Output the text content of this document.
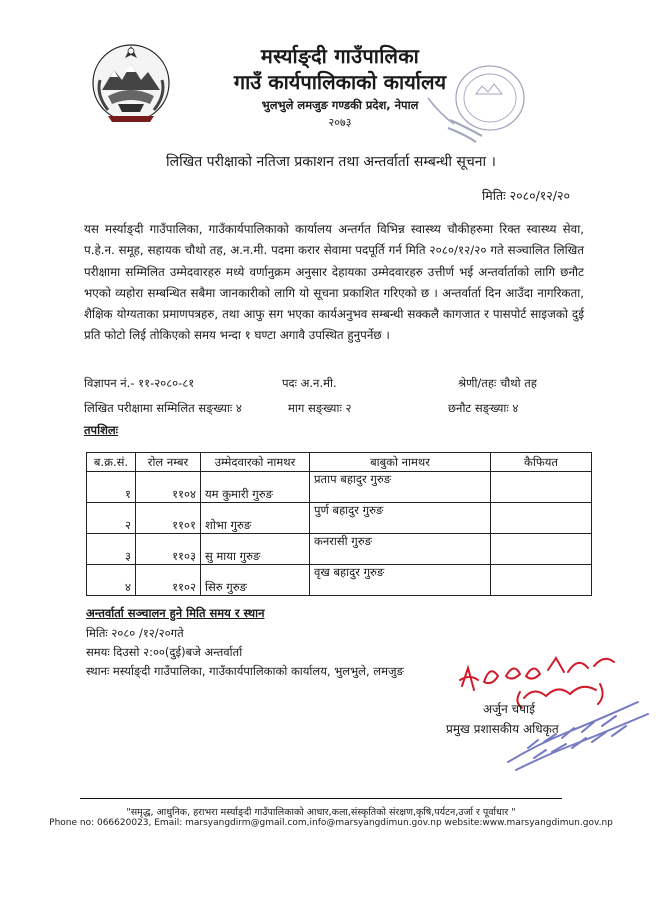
मर्स्याङ्दी गाउँपालिका
गाउँ कार्यपालिकाको कार्यालय
भुलभुले लमजुङ गण्डकी प्रदेश, नेपाल
२०७३
लिखित परीक्षाको नतिजा प्रकाशन तथा अन्तर्वार्ता सम्बन्धी सूचना ।
मितिः २०८०/१२/२०
यस मर्स्याङ्दी गाउँपालिका, गाउँकार्यपालिकाको कार्यालय अन्तर्गत विभिन्न स्वास्थ्य चौकीहरुमा रिक्त स्वास्थ्य सेवा, प.हे.न. समूह, सहायक चौथो तह, अ.न.मी. पदमा करार सेवामा पदपूर्ति गर्न मिति २०८०/१२/२० गते सञ्चालित लिखित परीक्षामा सम्मिलित उम्मेदवारहरु मध्ये वर्णानुक्रम अनुसार देहायका उम्मेदवारहरु उत्तीर्ण भई अन्तर्वार्ताको लागि छनौट भएको व्यहोरा सम्बन्धित सबैमा जानकारीको लागि यो सूचना प्रकाशित गरिएको छ । अन्तर्वार्ता दिन आउँदा नागरिकता, शैक्षिक योग्यताका प्रमाणपत्रहरु, तथा आफु सग भएका कार्यअनुभव सम्बन्धी सक्कलै कागजात र पासपोर्ट साइजको दुई प्रति फोटो लिई तोकिएको समय भन्दा १ घण्टा अगावै उपस्थित हुनुपर्नेछ ।
विज्ञापन नं.- ११-२०८०-८१	पदः अ.न.मी.	श्रेणी/तहः चौथो तह
लिखित परीक्षामा सम्मिलित सङ्ख्याः ४	माग सङ्ख्याः २	छनौट सङ्ख्याः ४
तपशिलः
ब.क्र.सं.	रोल नम्बर	उम्मेदवारको नामथर	बाबुको नामथर	कैफियत
१	११०४	यम कुमारी गुरुङ	प्रताप बहादुर गुरुङ	
२	११०१	शोभा गुरुङ	पुर्ण बहादुर गुरुङ	
३	११०३	सु माया गुरुङ	कनरासी गुरुङ	
४	११०२	सिरु गुरुङ	वृख बहादुर गुरुङ	
अन्तर्वार्ता सञ्चालन हुने मिति समय र स्थान
मितिः २०८० /१२/२०गते
समयः दिउसो २:००(दुई)बजे अन्तर्वार्ता
स्थानः मर्स्याङ्दी गाउँपालिका, गाउँकार्यपालिकाको कार्यालय, भुलभुले, लमजुङ
अर्जुन चपाई
प्रमुख प्रशासकीय अधिकृत
"समृद्ध, आधुनिक, हराभरा मर्स्याङ्दी गाउँपालिकाको आधार,कला,संस्कृतिको संरक्षण,कृषि,पर्यटन,उर्जा र पूर्वाधार "
Phone no: 066620023, Email: marsyangdirm@gmail.com,info@marsyangdimun.gov.np website:www.marsyangdimun.gov.np
